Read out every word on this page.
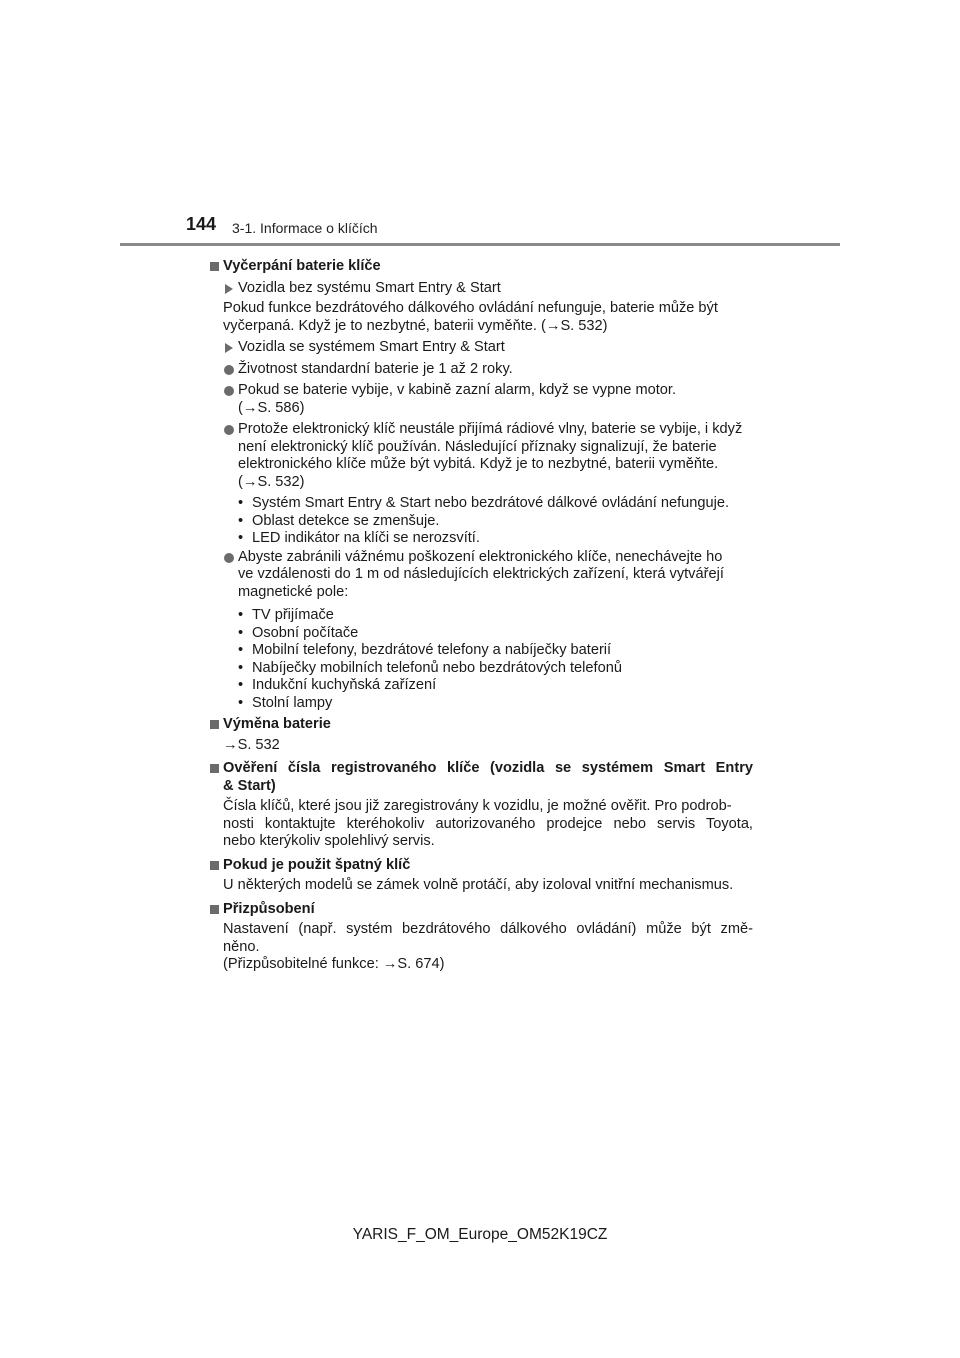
144 3-1. Informace o klíčích
Vyčerpání baterie klíče
Vozidla bez systému Smart Entry & Start
Pokud funkce bezdrátového dálkového ovládání nefunguje, baterie může být
vyčerpaná. Když je to nezbytné, baterii vyměňte. (→S. 532)
Vozidla se systémem Smart Entry & Start
Životnost standardní baterie je 1 až 2 roky.
Pokud se baterie vybije, v kabině zazní alarm, když se vypne motor.
(→S. 586)
Protože elektronický klíč neustále přijímá rádiové vlny, baterie se vybije, i když
není elektronický klíč používán. Následující příznaky signalizují, že baterie
elektronického klíče může být vybitá. Když je to nezbytné, baterii vyměňte.
(→S. 532)
• Systém Smart Entry & Start nebo bezdrátové dálkové ovládání nefunguje.
• Oblast detekce se zmenšuje.
• LED indikátor na klíči se nerozsvítí.
Abyste zabránili vážnému poškození elektronického klíče, nenechávejte ho
ve vzdálenosti do 1 m od následujících elektrických zařízení, která vytvářejí
magnetické pole:
• TV přijímače
• Osobní počítače
• Mobilní telefony, bezdrátové telefony a nabíječky baterií
• Nabíječky mobilních telefonů nebo bezdrátových telefonů
• Indukční kuchyňská zařízení
• Stolní lampy
Výměna baterie
→S. 532
Ověření čísla registrovaného klíče (vozidla se systémem Smart Entry
& Start)
Čísla klíčů, které jsou již zaregistrovány k vozidlu, je možné ověřit. Pro podrob-
nosti kontaktujte kteréhokoliv autorizovaného prodejce nebo servis Toyota,
nebo kterýkoliv spolehlivý servis.
Pokud je použit špatný klíč
U některých modelů se zámek volně protáčí, aby izoloval vnitřní mechanismus.
Přizpůsobení
Nastavení (např. systém bezdrátového dálkového ovládání) může být změ-
něno.
(Přizpůsobitelné funkce: →S. 674)
YARIS_F_OM_Europe_OM52K19CZ
